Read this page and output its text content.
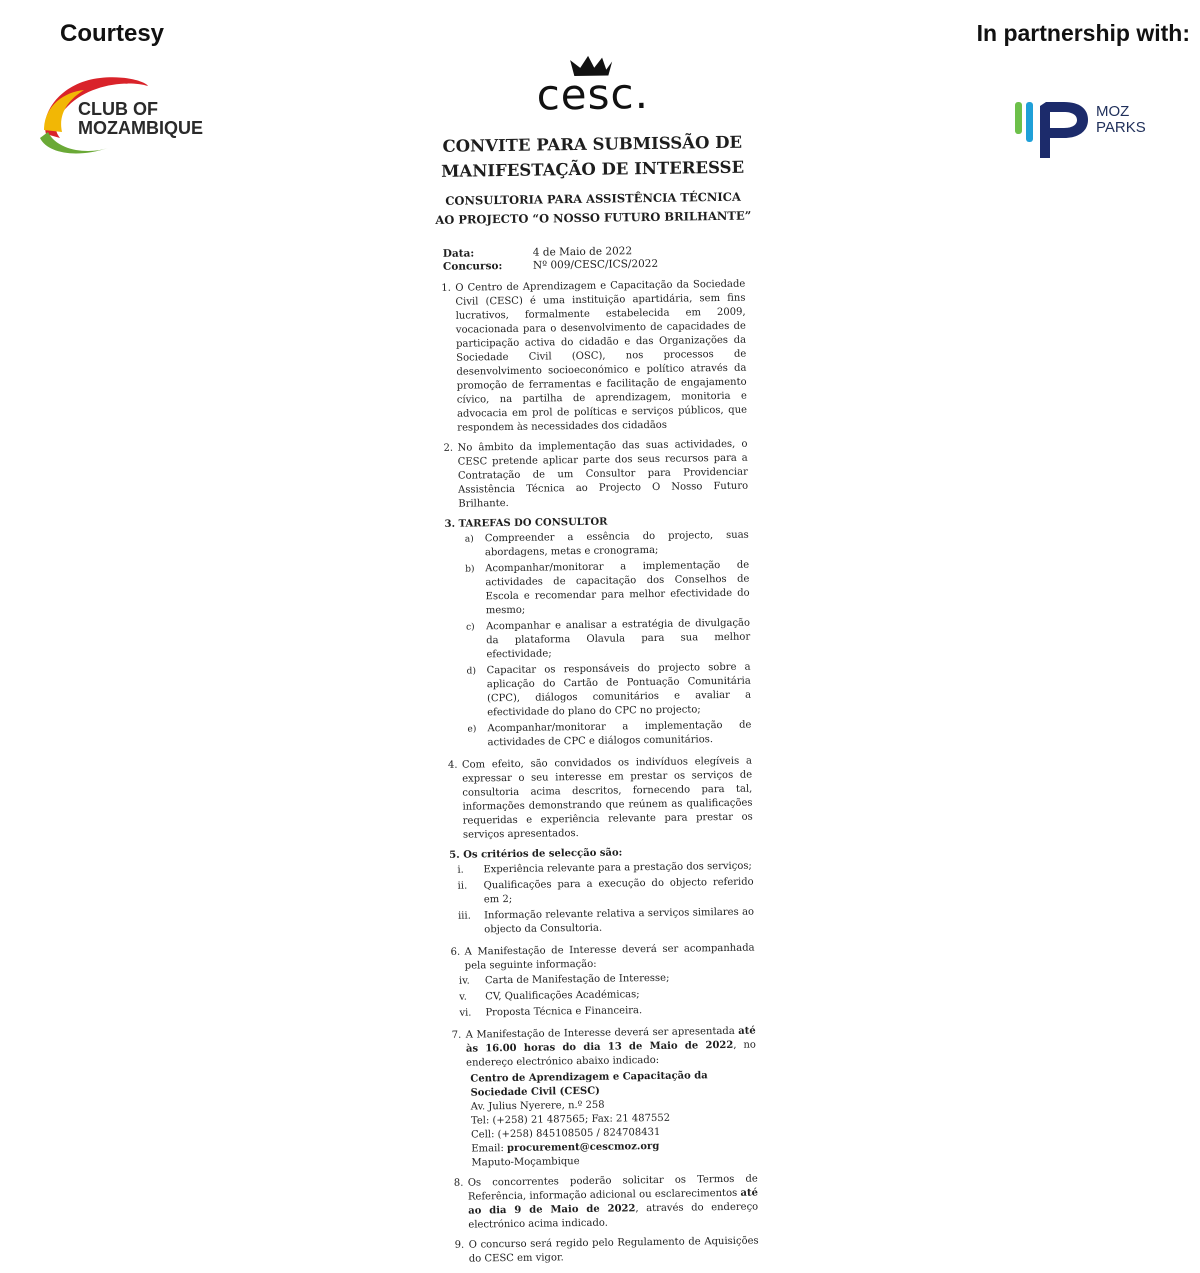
Courtesy	In partnership with:
CLUB OF MOZAMBIQUE
MOZ PARKS
cesc.
CONVITE PARA SUBMISSÃO DE MANIFESTAÇÃO DE INTERESSE
CONSULTORIA PARA ASSISTÊNCIA TÉCNICA AO PROJECTO “O NOSSO FUTURO BRILHANTE”
Data:	4 de Maio de 2022
Concurso:	Nº 009/CESC/ICS/2022
1. O Centro de Aprendizagem e Capacitação da Sociedade Civil (CESC) é uma instituição apartidária, sem fins lucrativos, formalmente estabelecida em 2009, vocacionada para o desenvolvimento de capacidades de participação activa do cidadão e das Organizações da Sociedade Civil (OSC), nos processos de desenvolvimento socioeconómico e político através da promoção de ferramentas e facilitação de engajamento cívico, na partilha de aprendizagem, monitoria e advocacia em prol de políticas e serviços públicos, que respondem às necessidades dos cidadãos
2. No âmbito da implementação das suas actividades, o CESC pretende aplicar parte dos seus recursos para a Contratação de um Consultor para Providenciar Assistência Técnica ao Projecto O Nosso Futuro Brilhante.
3. TAREFAS DO CONSULTOR
a)	Compreender a essência do projecto, suas abordagens, metas e cronograma;
b)	Acompanhar/monitorar a implementação de actividades de capacitação dos Conselhos de Escola e recomendar para melhor efectividade do mesmo;
c)	Acompanhar e analisar a estratégia de divulgação da plataforma Olavula para sua melhor efectividade;
d)	Capacitar os responsáveis do projecto sobre a aplicação do Cartão de Pontuação Comunitária (CPC), diálogos comunitários e avaliar a efectividade do plano do CPC no projecto;
e)	Acompanhar/monitorar a implementação de actividades de CPC e diálogos comunitários.
4. Com efeito, são convidados os indivíduos elegíveis a expressar o seu interesse em prestar os serviços de consultoria acima descritos, fornecendo para tal, informações demonstrando que reúnem as qualificações requeridas e experiência relevante para prestar os serviços apresentados.
5. Os critérios de selecção são:
i.	Experiência relevante para a prestação dos serviços;
ii.	Qualificações para a execução do objecto referido em 2;
iii.	Informação relevante relativa a serviços similares ao objecto da Consultoria.
6. A Manifestação de Interesse deverá ser acompanhada pela seguinte informação:
iv.	Carta de Manifestação de Interesse;
v.	CV, Qualificações Académicas;
vi.	Proposta Técnica e Financeira.
7. A Manifestação de Interesse deverá ser apresentada até às 16.00 horas do dia 13 de Maio de 2022, no endereço electrónico abaixo indicado:
Centro de Aprendizagem e Capacitação da Sociedade Civil (CESC)
Av. Julius Nyerere, n.º 258
Tel: (+258) 21 487565; Fax: 21 487552
Cell: (+258) 845108505 / 824708431
Email: procurement@cescmoz.org
Maputo-Moçambique
8. Os concorrentes poderão solicitar os Termos de Referência, informação adicional ou esclarecimentos até ao dia 9 de Maio de 2022, através do endereço electrónico acima indicado.
9. O concurso será regido pelo Regulamento de Aquisições do CESC em vigor.
